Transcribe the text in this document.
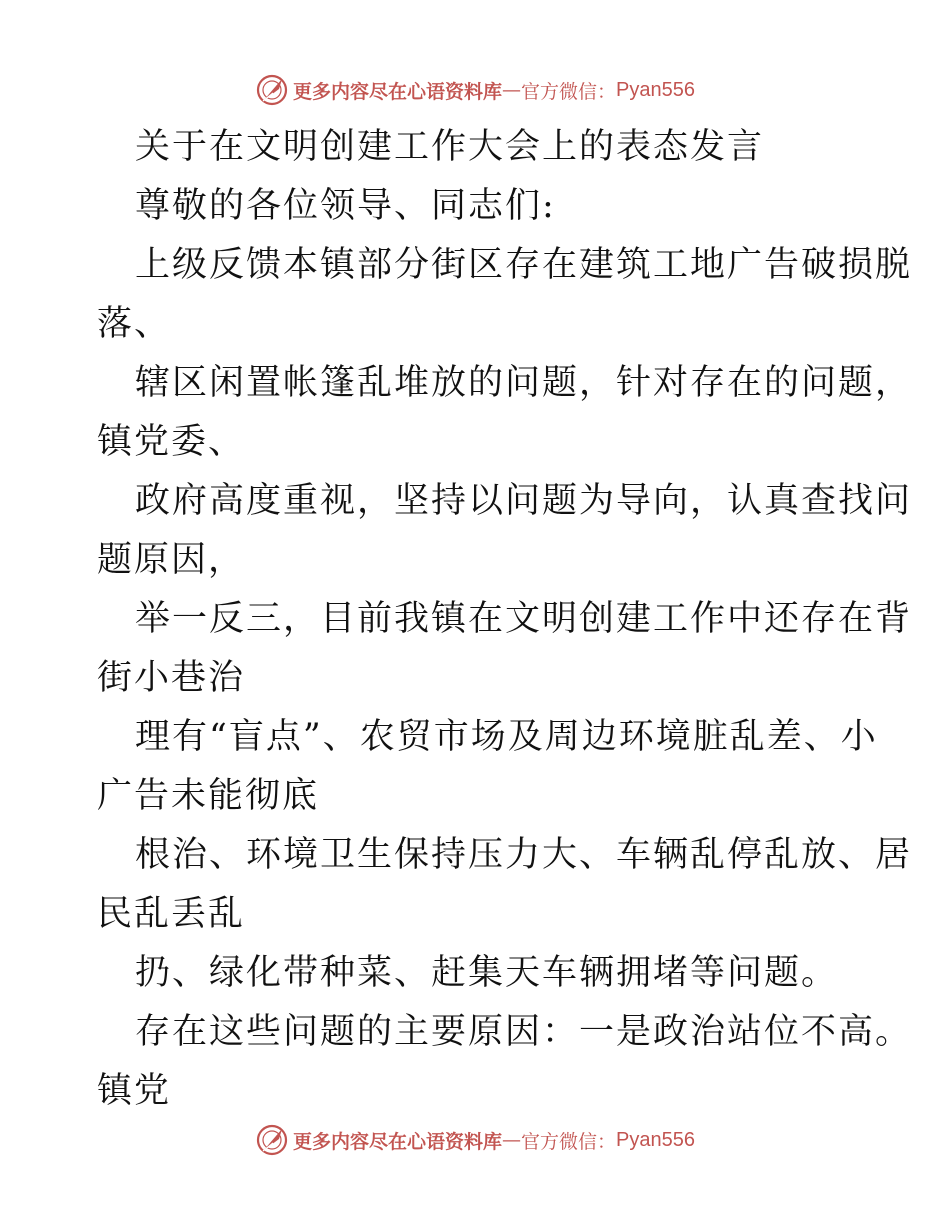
更多内容尽在心语资料库 — 官方微信： Pyan556

关于在文明创建工作大会上的表态发言

尊敬的各位领导、同志们:

上级反馈本镇部分街区存在建筑工地广告破损脱

落、

辖区闲置帐篷乱堆放的问题，针对存在的问题，

镇党委、

政府高度重视，坚持以问题为导向，认真查找问

题原因，

举一反三，目前我镇在文明创建工作中还存在背

街小巷治

理有“盲点”、农贸市场及周边环境脏乱差、小

广告未能彻底

根治、环境卫生保持压力大、车辆乱停乱放、居

民乱丢乱

扔、绿化带种菜、赶集天车辆拥堵等问题。

存在这些问题的主要原因：一是政治站位不高。

镇党

更多内容尽在心语资料库 — 官方微信： Pyan556
